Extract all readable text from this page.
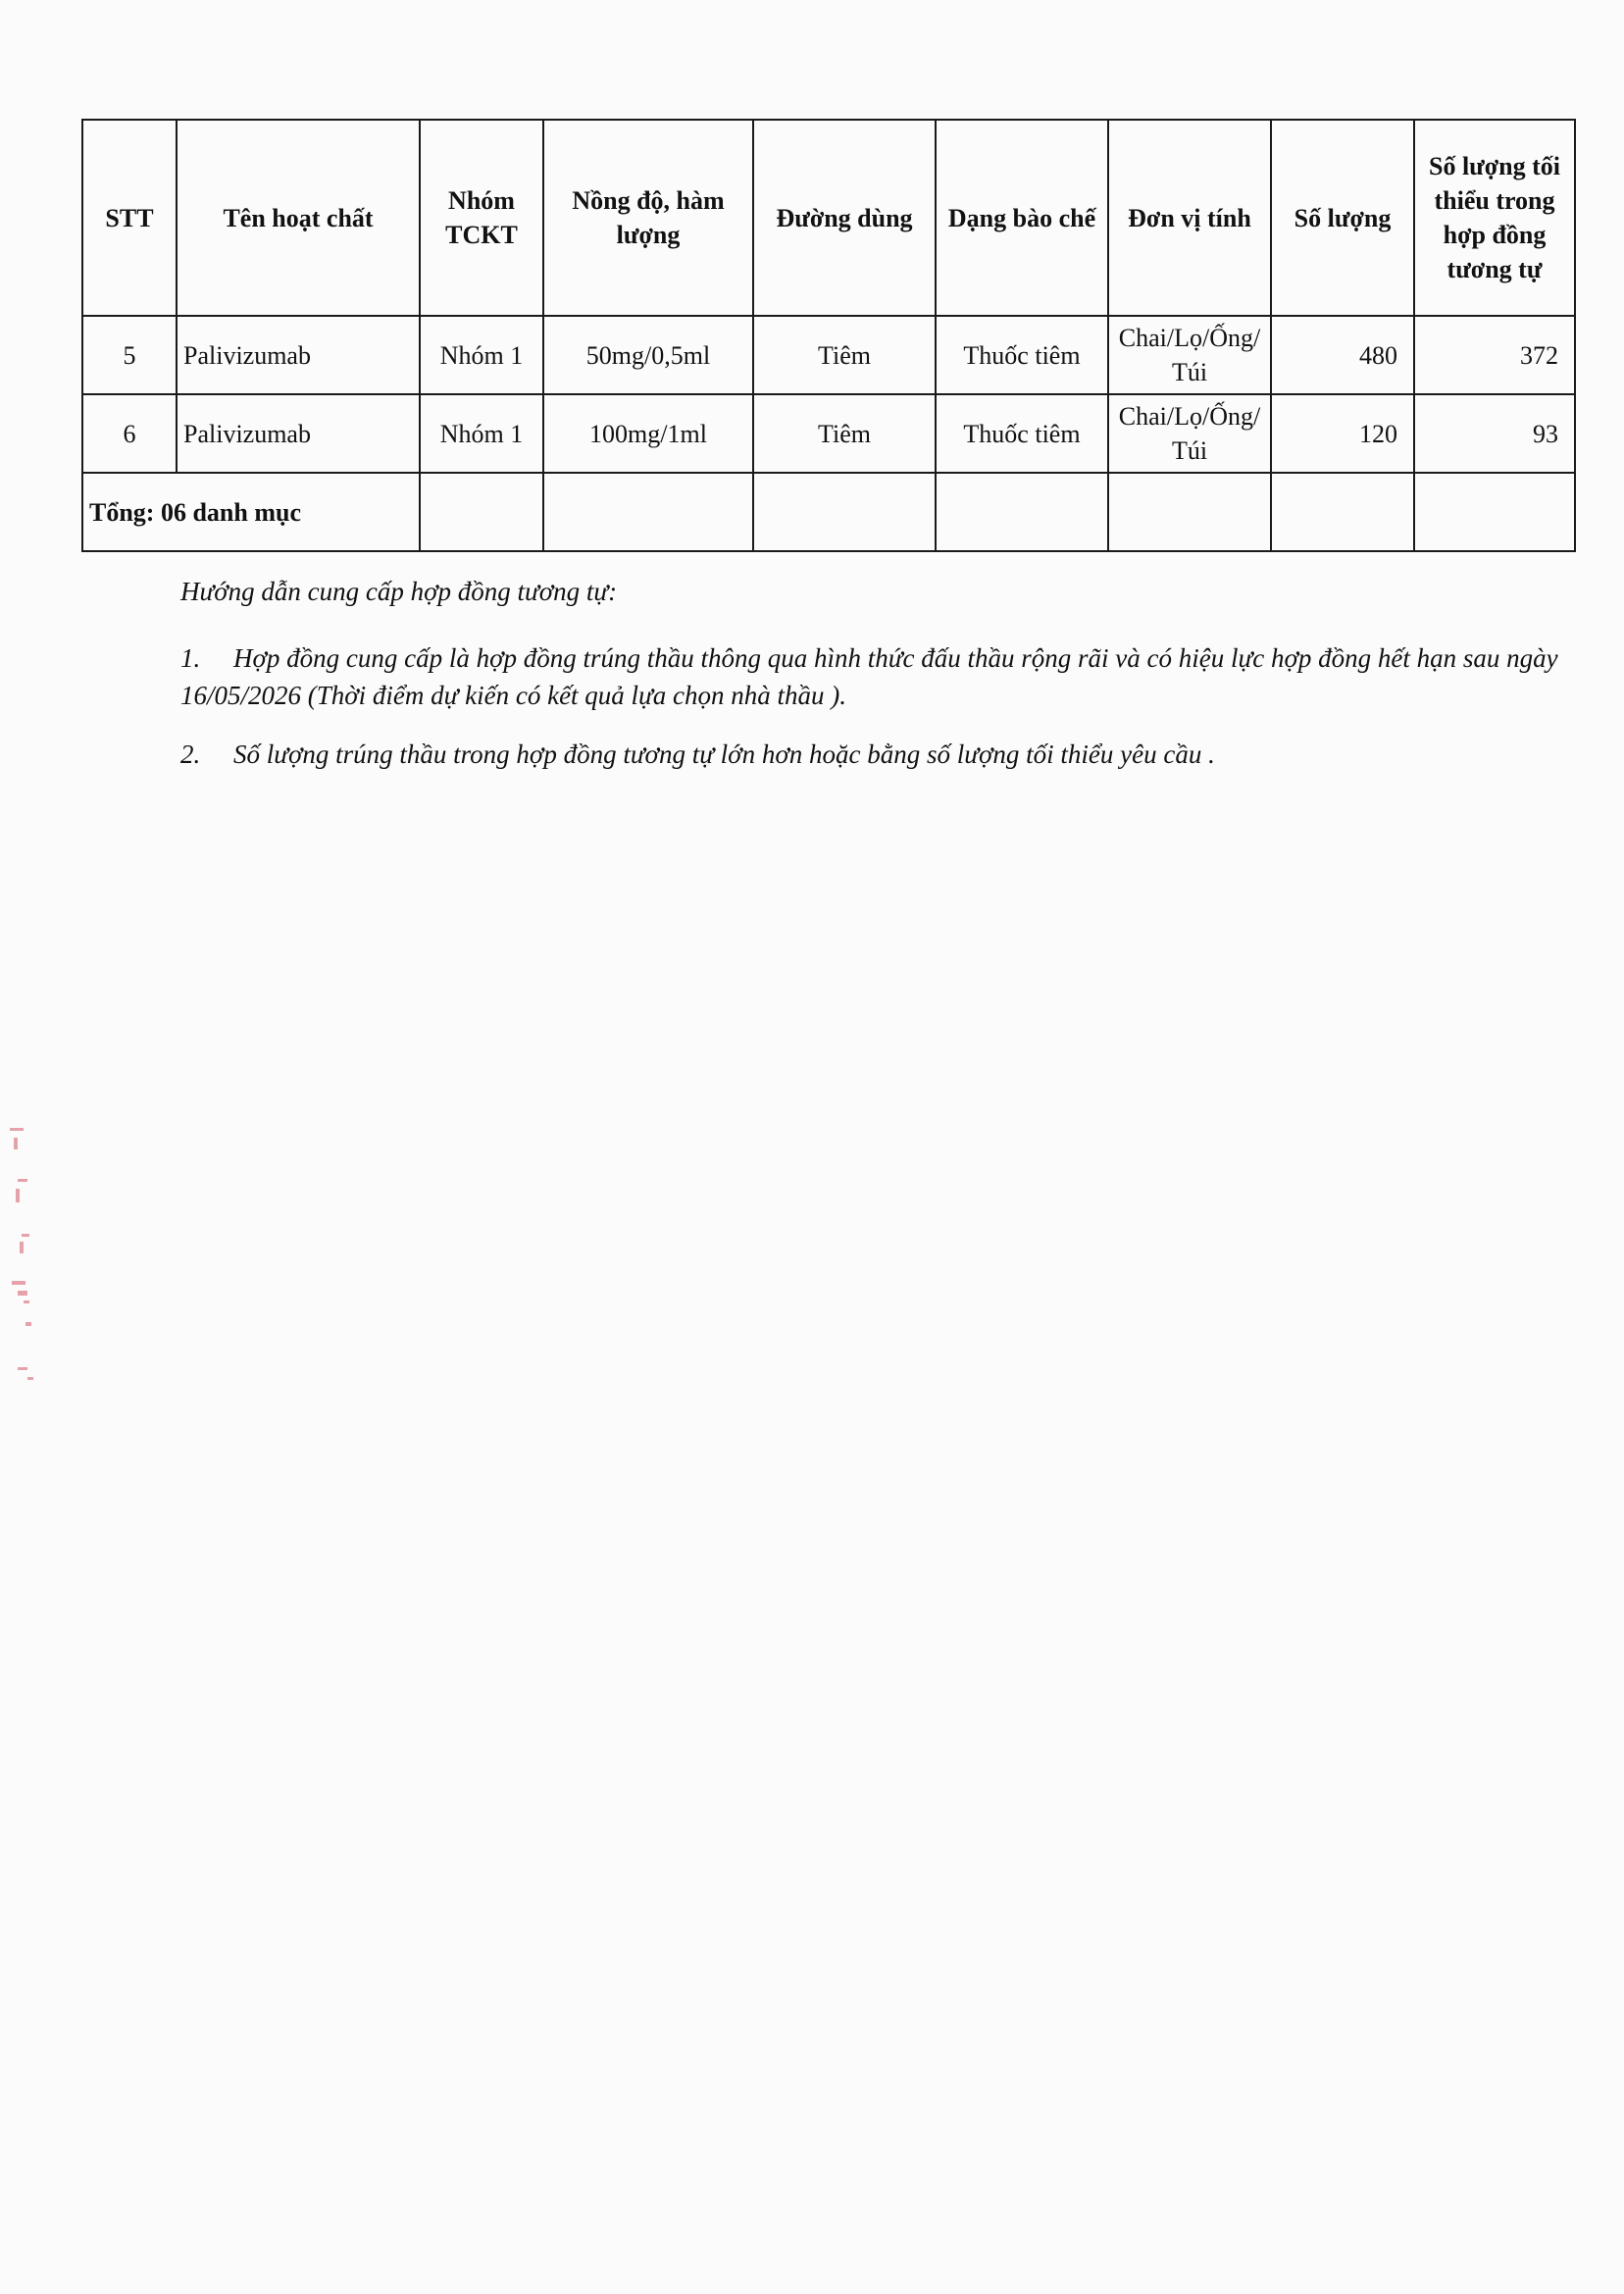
STT	Tên hoạt chất	Nhóm TCKT	Nồng độ, hàm lượng	Đường dùng	Dạng bào chế	Đơn vị tính	Số lượng	Số lượng tối thiểu trong hợp đồng tương tự
5	Palivizumab	Nhóm 1	50mg/0,5ml	Tiêm	Thuốc tiêm	Chai/Lọ/Ống/ Túi	480	372
6	Palivizumab	Nhóm 1	100mg/1ml	Tiêm	Thuốc tiêm	Chai/Lọ/Ống/ Túi	120	93
Tổng: 06 danh mục								

Hướng dẫn cung cấp hợp đồng tương tự:

1. Hợp đồng cung cấp là hợp đồng trúng thầu thông qua hình thức đấu thầu rộng rãi và có hiệu lực hợp đồng hết hạn sau ngày 16/05/2026 (Thời điểm dự kiến có kết quả lựa chọn nhà thầu ).

2. Số lượng trúng thầu trong hợp đồng tương tự lớn hơn hoặc bằng số lượng tối thiểu yêu cầu .
